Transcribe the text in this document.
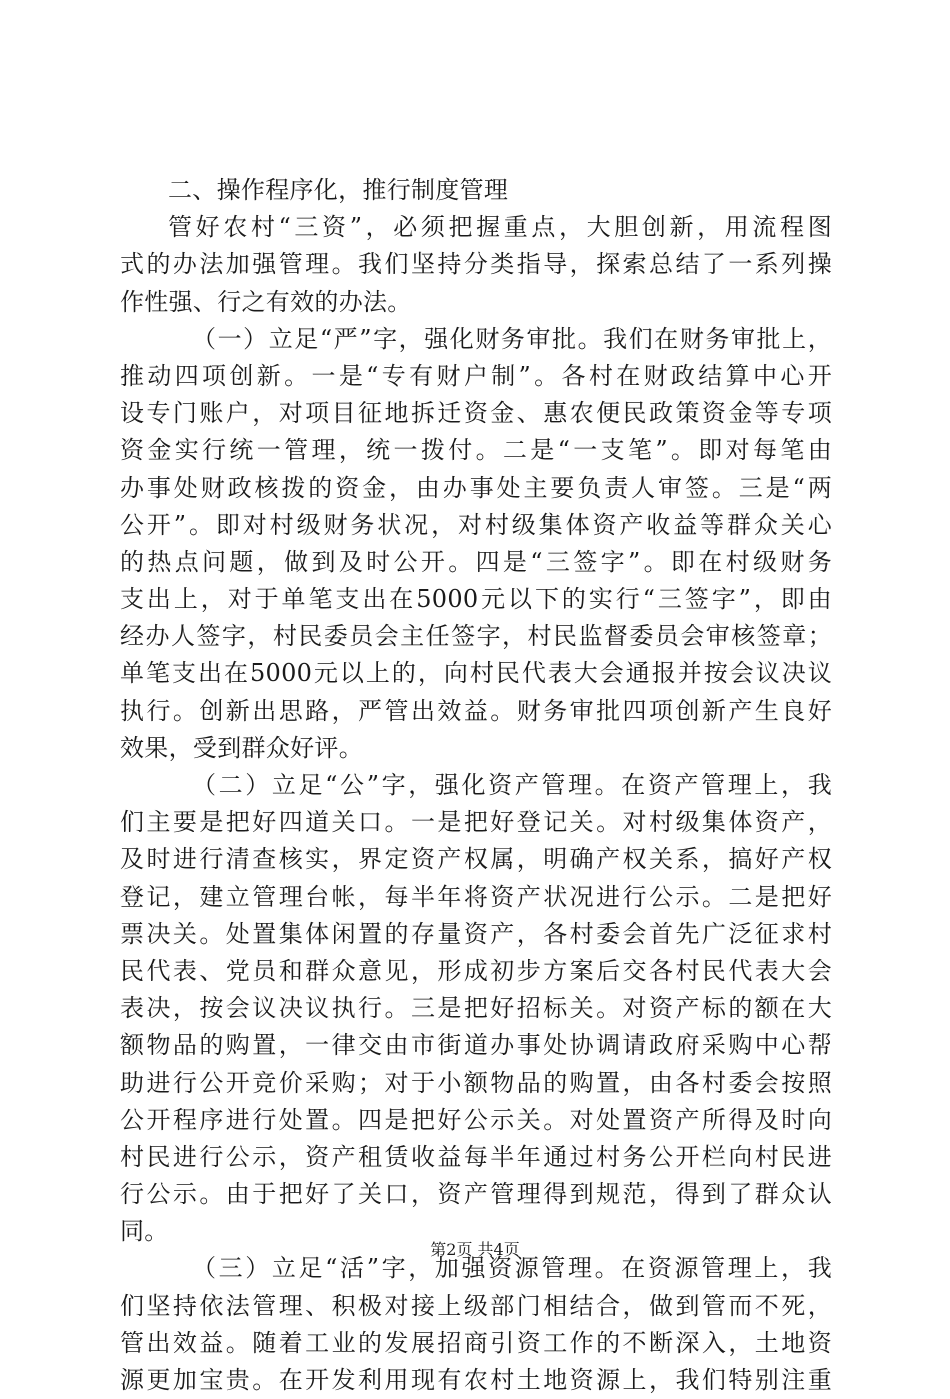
二、操作程序化，推行制度管理
管好农村“三资”，必须把握重点，大胆创新，用流程图
式的办法加强管理。我们坚持分类指导，探索总结了一系列操
作性强、行之有效的办法。
（一）立足“严”字，强化财务审批。我们在财务审批上，
推动四项创新。一是“专有财户制”。各村在财政结算中心开
设专门账户，对项目征地拆迁资金、惠农便民政策资金等专项
资金实行统一管理，统一拨付。二是“一支笔”。即对每笔由
办事处财政核拨的资金，由办事处主要负责人审签。三是“两
公开”。即对村级财务状况，对村级集体资产收益等群众关心
的热点问题，做到及时公开。四是“三签字”。即在村级财务
支出上，对于单笔支出在5000元以下的实行“三签字”，即由
经办人签字，村民委员会主任签字，村民监督委员会审核签章；
单笔支出在5000元以上的，向村民代表大会通报并按会议决议
执行。创新出思路，严管出效益。财务审批四项创新产生良好
效果，受到群众好评。
（二）立足“公”字，强化资产管理。在资产管理上，我
们主要是把好四道关口。一是把好登记关。对村级集体资产，
及时进行清查核实，界定资产权属，明确产权关系，搞好产权
登记，建立管理台帐，每半年将资产状况进行公示。二是把好
票决关。处置集体闲置的存量资产，各村委会首先广泛征求村
民代表、党员和群众意见，形成初步方案后交各村民代表大会
表决，按会议决议执行。三是把好招标关。对资产标的额在大
额物品的购置，一律交由市街道办事处协调请政府采购中心帮
助进行公开竞价采购；对于小额物品的购置，由各村委会按照
公开程序进行处置。四是把好公示关。对处置资产所得及时向
村民进行公示，资产租赁收益每半年通过村务公开栏向村民进
行公示。由于把好了关口，资产管理得到规范，得到了群众认
同。
（三）立足“活”字，加强资源管理。在资源管理上，我
们坚持依法管理、积极对接上级部门相结合，做到管而不死，
管出效益。随着工业的发展招商引资工作的不断深入，土地资
源更加宝贵。在开发利用现有农村土地资源上，我们特别注重
第2页 共4页
